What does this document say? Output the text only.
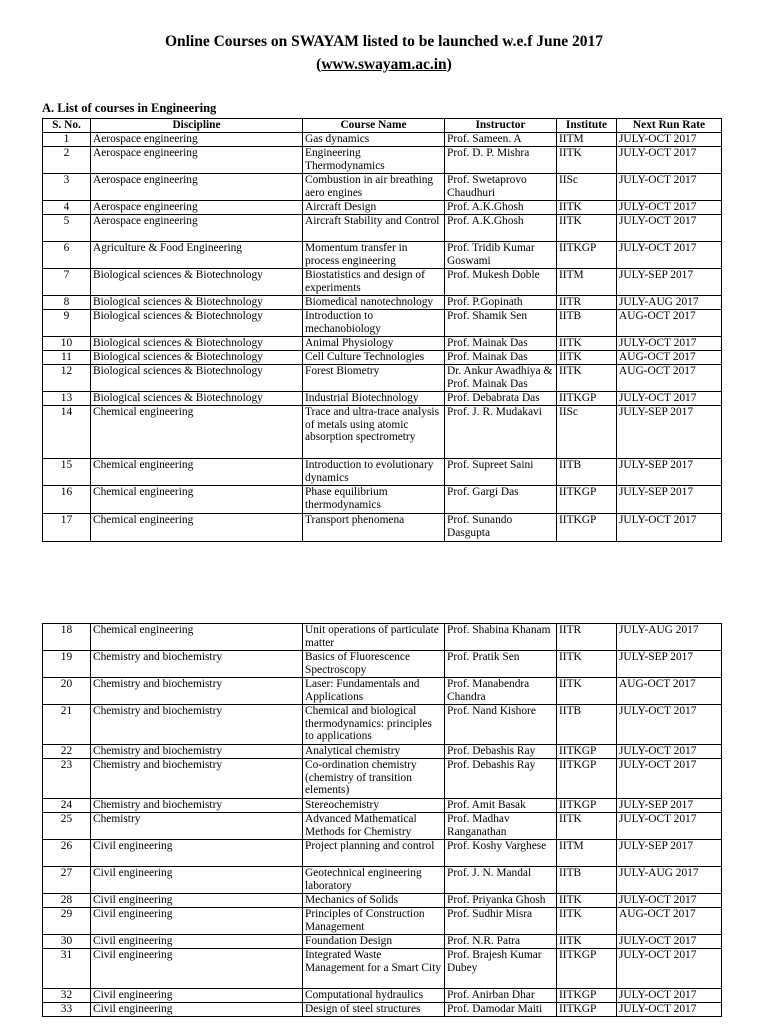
Online Courses on SWAYAM listed to be launched w.e.f June 2017
(www.swayam.ac.in)
A. List of courses in Engineering
S. No.	Discipline	Course Name	Instructor	Institute	Next Run Rate
1	Aerospace engineering	Gas dynamics	Prof. Sameen. A	IITM	JULY-OCT 2017
2	Aerospace engineering	Engineering Thermodynamics	Prof. D. P. Mishra	IITK	JULY-OCT 2017
3	Aerospace engineering	Combustion in air breathing aero engines	Prof. Swetaprovo Chaudhuri	IISc	JULY-OCT 2017
4	Aerospace engineering	Aircraft Design	Prof. A.K.Ghosh	IITK	JULY-OCT 2017
5	Aerospace engineering	Aircraft Stability and Control	Prof. A.K.Ghosh	IITK	JULY-OCT 2017
6	Agriculture & Food Engineering	Momentum transfer in process engineering	Prof. Tridib Kumar Goswami	IITKGP	JULY-OCT 2017
7	Biological sciences & Biotechnology	Biostatistics and design of experiments	Prof. Mukesh Doble	IITM	JULY-SEP 2017
8	Biological sciences & Biotechnology	Biomedical nanotechnology	Prof. P.Gopinath	IITR	JULY-AUG 2017
9	Biological sciences & Biotechnology	Introduction to mechanobiology	Prof. Shamik Sen	IITB	AUG-OCT 2017
10	Biological sciences & Biotechnology	Animal Physiology	Prof. Mainak Das	IITK	JULY-OCT 2017
11	Biological sciences & Biotechnology	Cell Culture Technologies	Prof. Mainak Das	IITK	AUG-OCT 2017
12	Biological sciences & Biotechnology	Forest Biometry	Dr. Ankur Awadhiya & Prof. Mainak Das	IITK	AUG-OCT 2017
13	Biological sciences & Biotechnology	Industrial Biotechnology	Prof. Debabrata Das	IITKGP	JULY-OCT 2017
14	Chemical engineering	Trace and ultra-trace analysis of metals using atomic absorption spectrometry	Prof. J. R. Mudakavi	IISc	JULY-SEP 2017
15	Chemical engineering	Introduction to evolutionary dynamics	Prof. Supreet Saini	IITB	JULY-SEP 2017
16	Chemical engineering	Phase equilibrium thermodynamics	Prof. Gargi Das	IITKGP	JULY-SEP 2017
17	Chemical engineering	Transport phenomena	Prof. Sunando Dasgupta	IITKGP	JULY-OCT 2017
18	Chemical engineering	Unit operations of particulate matter	Prof. Shabina Khanam	IITR	JULY-AUG 2017
19	Chemistry and biochemistry	Basics of Fluorescence Spectroscopy	Prof. Pratik Sen	IITK	JULY-SEP 2017
20	Chemistry and biochemistry	Laser: Fundamentals and Applications	Prof. Manabendra Chandra	IITK	AUG-OCT 2017
21	Chemistry and biochemistry	Chemical and biological thermodynamics: principles to applications	Prof. Nand Kishore	IITB	JULY-OCT 2017
22	Chemistry and biochemistry	Analytical chemistry	Prof. Debashis Ray	IITKGP	JULY-OCT 2017
23	Chemistry and biochemistry	Co-ordination chemistry (chemistry of transition elements)	Prof. Debashis Ray	IITKGP	JULY-OCT 2017
24	Chemistry and biochemistry	Stereochemistry	Prof. Amit Basak	IITKGP	JULY-SEP 2017
25	Chemistry	Advanced Mathematical Methods for Chemistry	Prof. Madhav Ranganathan	IITK	JULY-OCT 2017
26	Civil engineering	Project planning and control	Prof. Koshy Varghese	IITM	JULY-SEP 2017
27	Civil engineering	Geotechnical engineering laboratory	Prof. J. N. Mandal	IITB	JULY-AUG 2017
28	Civil engineering	Mechanics of Solids	Prof. Priyanka Ghosh	IITK	JULY-OCT 2017
29	Civil engineering	Principles of Construction Management	Prof. Sudhir Misra	IITK	AUG-OCT 2017
30	Civil engineering	Foundation Design	Prof. N.R. Patra	IITK	JULY-OCT 2017
31	Civil engineering	Integrated Waste Management for a Smart City	Prof. Brajesh Kumar Dubey	IITKGP	JULY-OCT 2017
32	Civil engineering	Computational hydraulics	Prof. Anirban Dhar	IITKGP	JULY-OCT 2017
33	Civil engineering	Design of steel structures	Prof. Damodar Maiti	IITKGP	JULY-OCT 2017
